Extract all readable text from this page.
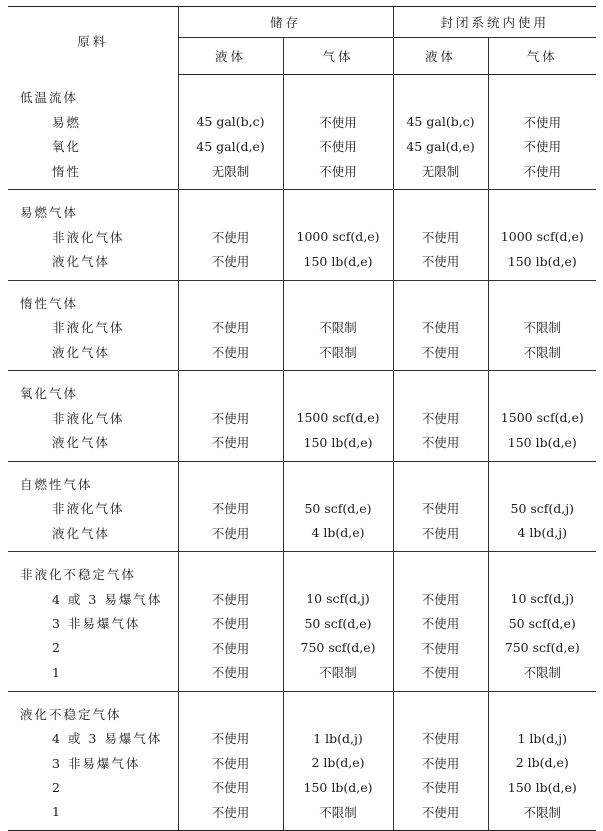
原料	储存		封闭系统内使用	
	液体	气体	液体	气体

低温流体				
易燃	45 gal(b,c)	不使用	45 gal(b,c)	不使用
氧化	45 gal(d,e)	不使用	45 gal(d,e)	不使用
惰性	无限制	不使用	无限制	不使用

易燃气体				
非液化气体	不使用	1000 scf(d,e)	不使用	1000 scf(d,e)
液化气体	不使用	150 lb(d,e)	不使用	150 lb(d,e)

惰性气体				
非液化气体	不使用	不限制	不使用	不限制
液化气体	不使用	不限制	不使用	不限制

氧化气体				
非液化气体	不使用	1500 scf(d,e)	不使用	1500 scf(d,e)
液化气体	不使用	150 lb(d,e)	不使用	150 lb(d,e)

自燃性气体				
非液化气体	不使用	50 scf(d,e)	不使用	50 scf(d,j)
液化气体	不使用	4 lb(d,e)	不使用	4 lb(d,j)

非液化不稳定气体				
4 或 3 易爆气体	不使用	10 scf(d,j)	不使用	10 scf(d,j)
3 非易爆气体	不使用	50 scf(d,e)	不使用	50 scf(d,e)
2	不使用	750 scf(d,e)	不使用	750 scf(d,e)
1	不使用	不限制	不使用	不限制

液化不稳定气体				
4 或 3 易爆气体	不使用	1 lb(d,j)	不使用	1 lb(d,j)
3 非易爆气体	不使用	2 lb(d,e)	不使用	2 lb(d,e)
2	不使用	150 lb(d,e)	不使用	150 lb(d,e)
1	不使用	不限制	不使用	不限制
